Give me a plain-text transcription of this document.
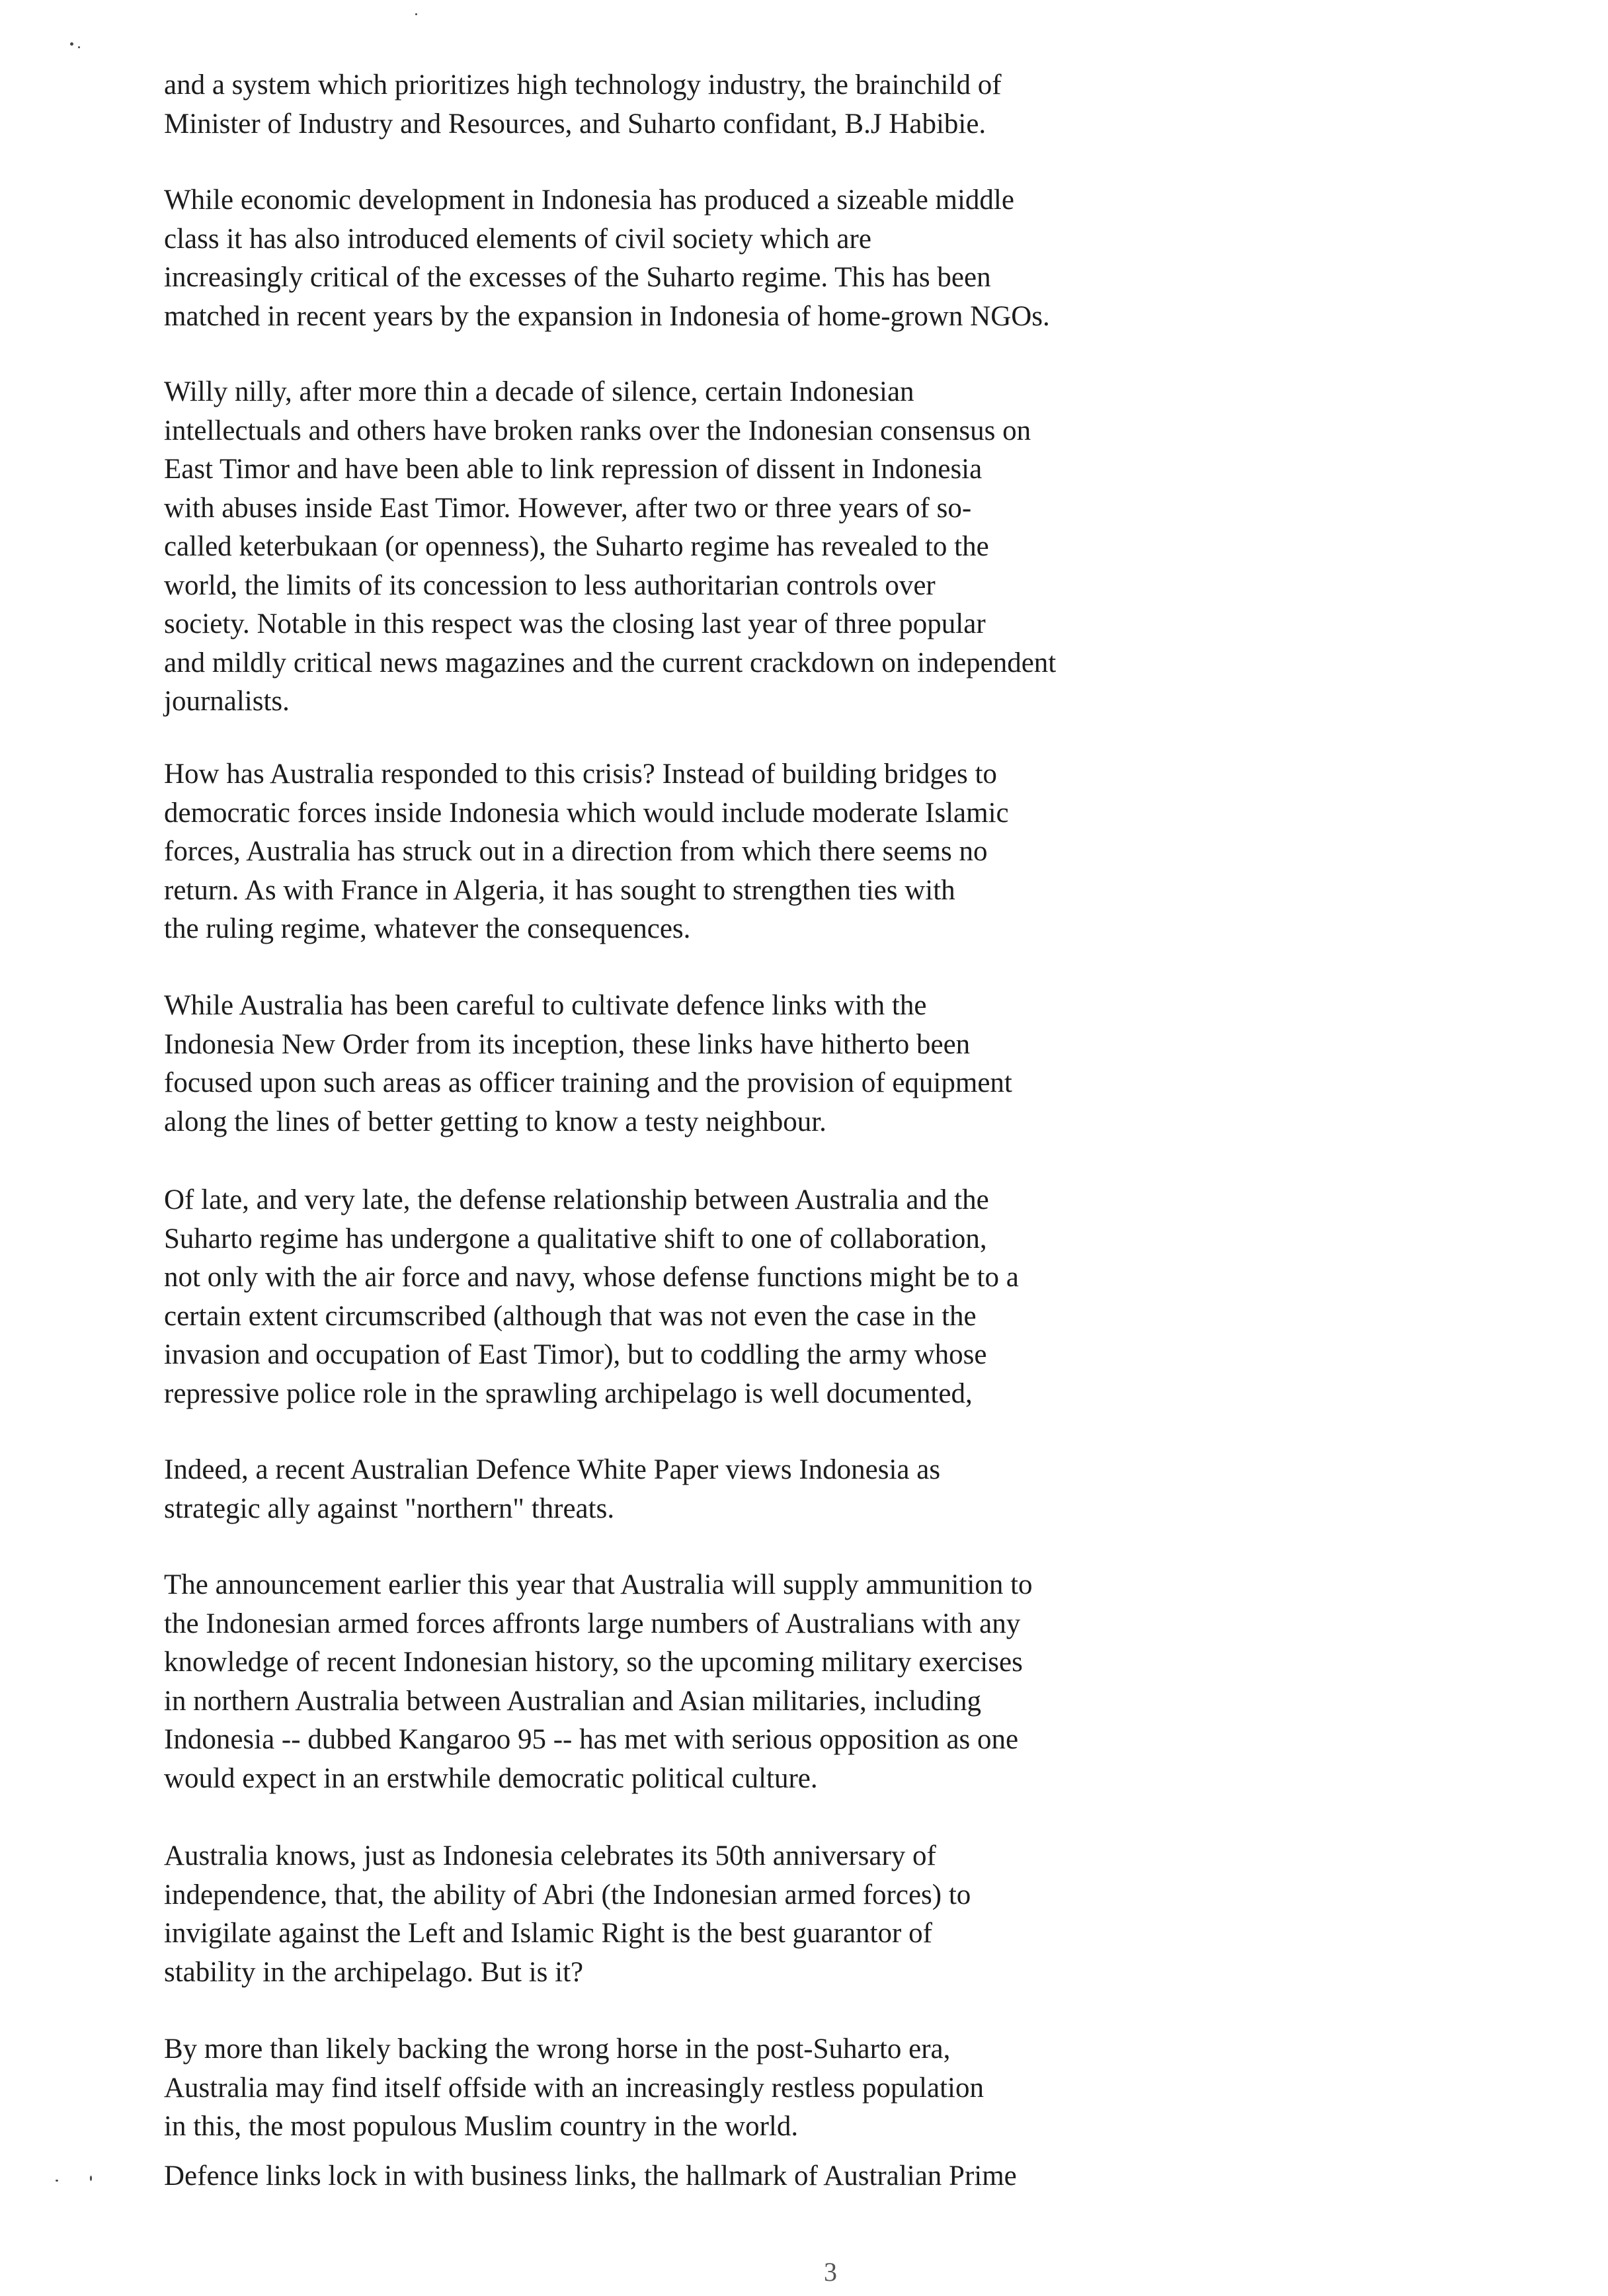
and a system which prioritizes high technology industry, the brainchild of
Minister of Industry and Resources, and Suharto confidant, B.J Habibie.

While economic development in Indonesia has produced a sizeable middle
class it has also introduced elements of civil society which are
increasingly critical of the excesses of the Suharto regime. This has been
matched in recent years by the expansion in Indonesia of home-grown NGOs.

Willy nilly, after more thin a decade of silence, certain Indonesian
intellectuals and others have broken ranks over the Indonesian consensus on
East Timor and have been able to link repression of dissent in Indonesia
with abuses inside East Timor. However, after two or three years of so-
called keterbukaan (or openness), the Suharto regime has revealed to the
world, the limits of its concession to less authoritarian controls over
society. Notable in this respect was the closing last year of three popular
and mildly critical news magazines and the current crackdown on independent
journalists.

How has Australia responded to this crisis? Instead of building bridges to
democratic forces inside Indonesia which would include moderate Islamic
forces, Australia has struck out in a direction from which there seems no
return. As with France in Algeria, it has sought to strengthen ties with
the ruling regime, whatever the consequences.

While Australia has been careful to cultivate defence links with the
Indonesia New Order from its inception, these links have hitherto been
focused upon such areas as officer training and the provision of equipment
along the lines of better getting to know a testy neighbour.

Of late, and very late, the defense relationship between Australia and the
Suharto regime has undergone a qualitative shift to one of collaboration,
not only with the air force and navy, whose defense functions might be to a
certain extent circumscribed (although that was not even the case in the
invasion and occupation of East Timor), but to coddling the army whose
repressive police role in the sprawling archipelago is well documented,

Indeed, a recent Australian Defence White Paper views Indonesia as
strategic ally against "northern" threats.

The announcement earlier this year that Australia will supply ammunition to
the Indonesian armed forces affronts large numbers of Australians with any
knowledge of recent Indonesian history, so the upcoming military exercises
in northern Australia between Australian and Asian militaries, including
Indonesia -- dubbed Kangaroo 95 -- has met with serious opposition as one
would expect in an erstwhile democratic political culture.

Australia knows, just as Indonesia celebrates its 50th anniversary of
independence, that, the ability of Abri (the Indonesian armed forces) to
invigilate against the Left and Islamic Right is the best guarantor of
stability in the archipelago. But is it?

By more than likely backing the wrong horse in the post-Suharto era,
Australia may find itself offside with an increasingly restless population
in this, the most populous Muslim country in the world.

Defence links lock in with business links, the hallmark of Australian Prime

3
